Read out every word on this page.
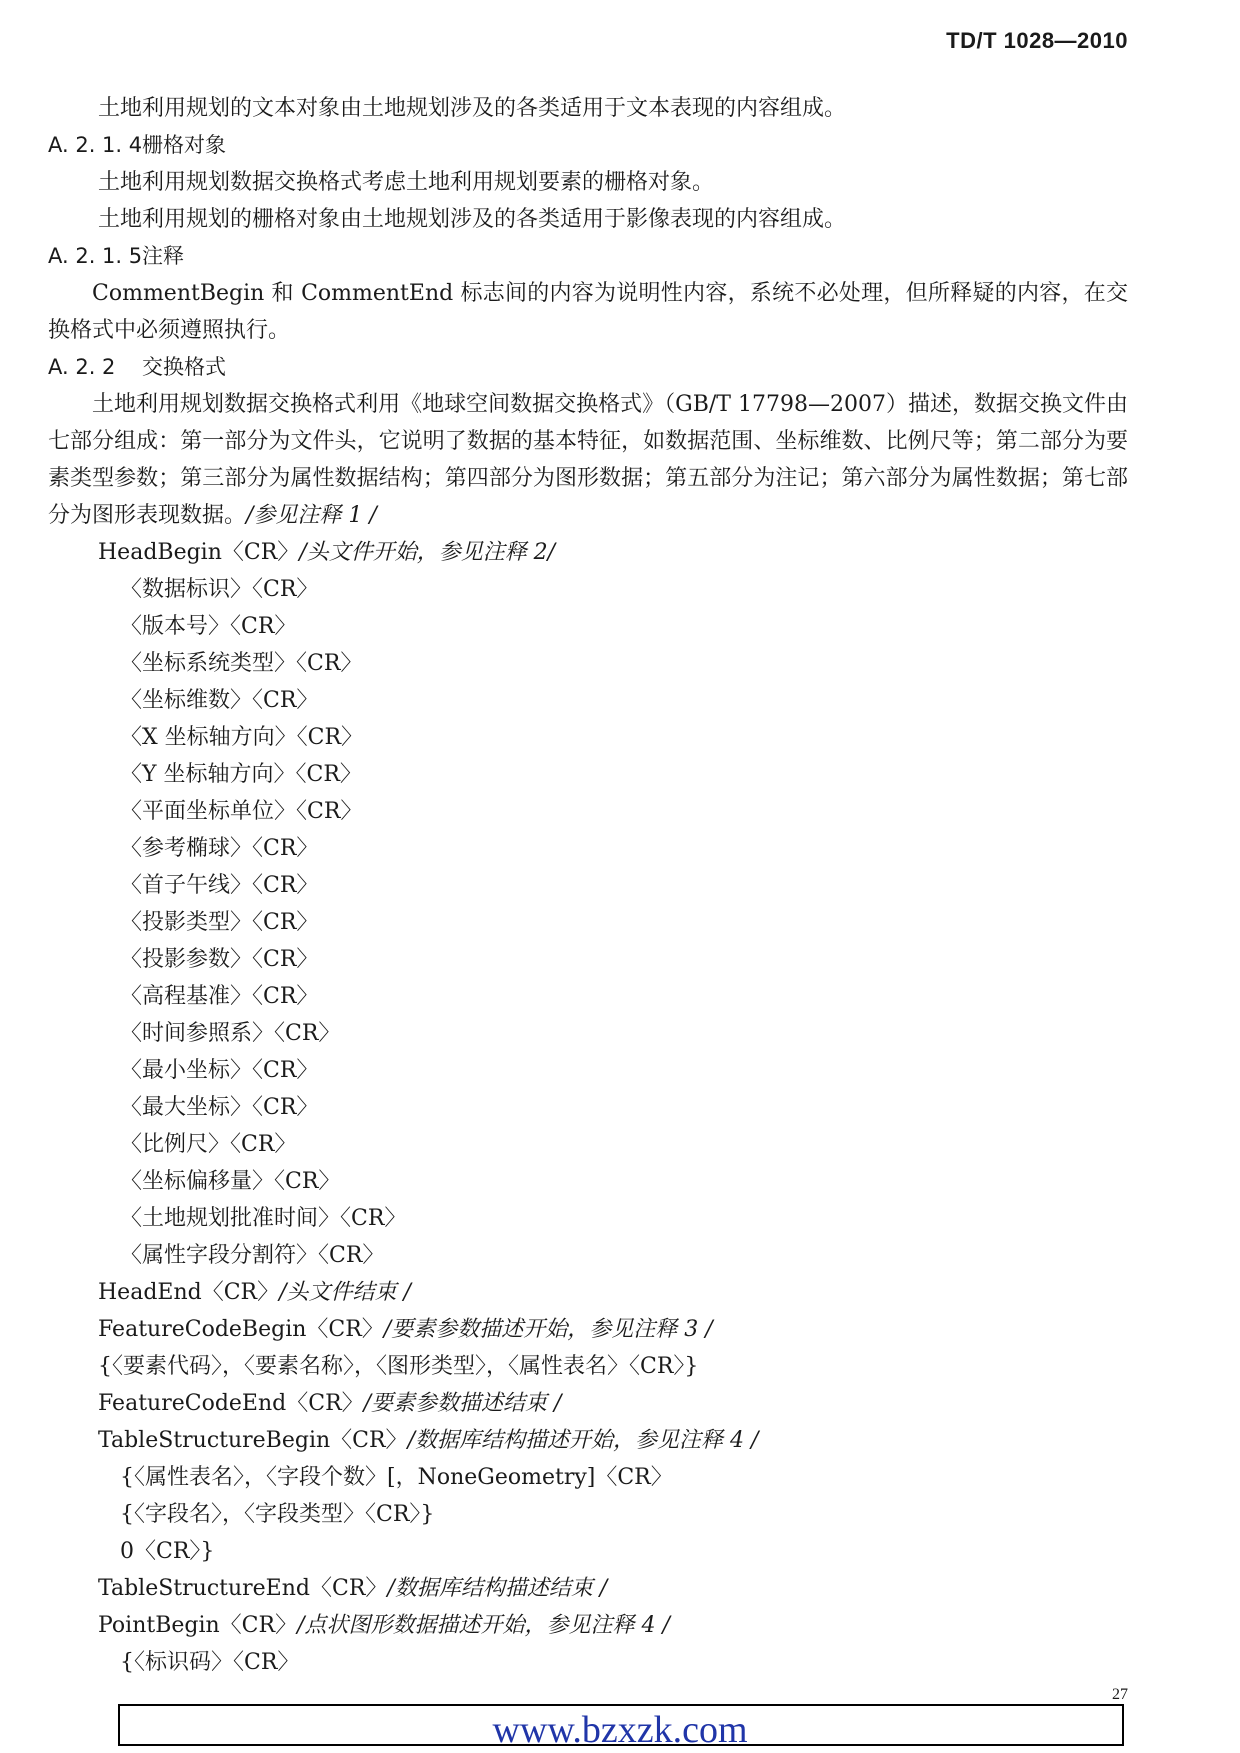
TD/T 1028—2010
土地利用规划的文本对象由土地规划涉及的各类适用于文本表现的内容组成。
A. 2. 1. 4栅格对象
土地利用规划数据交换格式考虑土地利用规划要素的栅格对象。
土地利用规划的栅格对象由土地规划涉及的各类适用于影像表现的内容组成。
A. 2. 1. 5注释
CommentBegin 和 CommentEnd 标志间的内容为说明性内容，系统不必处理，但所释疑的内容，在交换格式中必须遵照执行。
A. 2. 2 交换格式
土地利用规划数据交换格式利用《地球空间数据交换格式》（GB/T 17798—2007）描述，数据交换文件由七部分组成：第一部分为文件头，它说明了数据的基本特征，如数据范围、坐标维数、比例尺等；第二部分为要素类型参数；第三部分为属性数据结构；第四部分为图形数据；第五部分为注记；第六部分为属性数据；第七部分为图形表现数据。/参见注释 1 /
HeadBegin〈CR〉/头文件开始，参见注释 2/
〈数据标识〉〈CR〉
〈版本号〉〈CR〉
〈坐标系统类型〉〈CR〉
〈坐标维数〉〈CR〉
〈X 坐标轴方向〉〈CR〉
〈Y 坐标轴方向〉〈CR〉
〈平面坐标单位〉〈CR〉
〈参考椭球〉〈CR〉
〈首子午线〉〈CR〉
〈投影类型〉〈CR〉
〈投影参数〉〈CR〉
〈高程基准〉〈CR〉
〈时间参照系〉〈CR〉
〈最小坐标〉〈CR〉
〈最大坐标〉〈CR〉
〈比例尺〉〈CR〉
〈坐标偏移量〉〈CR〉
〈土地规划批准时间〉〈CR〉
〈属性字段分割符〉〈CR〉
HeadEnd〈CR〉/头文件结束 /
FeatureCodeBegin〈CR〉/要素参数描述开始，参见注释 3 /
{〈要素代码〉，〈要素名称〉，〈图形类型〉，〈属性表名〉〈CR〉}
FeatureCodeEnd〈CR〉/要素参数描述结束 /
TableStructureBegin〈CR〉/数据库结构描述开始，参见注释 4 /
{〈属性表名〉，〈字段个数〉[，NoneGeometry]〈CR〉
{〈字段名〉，〈字段类型〉〈CR〉}
0〈CR〉}
TableStructureEnd〈CR〉/数据库结构描述结束 /
PointBegin〈CR〉/点状图形数据描述开始，参见注释 4 /
{〈标识码〉〈CR〉
27
www.bzxzk.com
